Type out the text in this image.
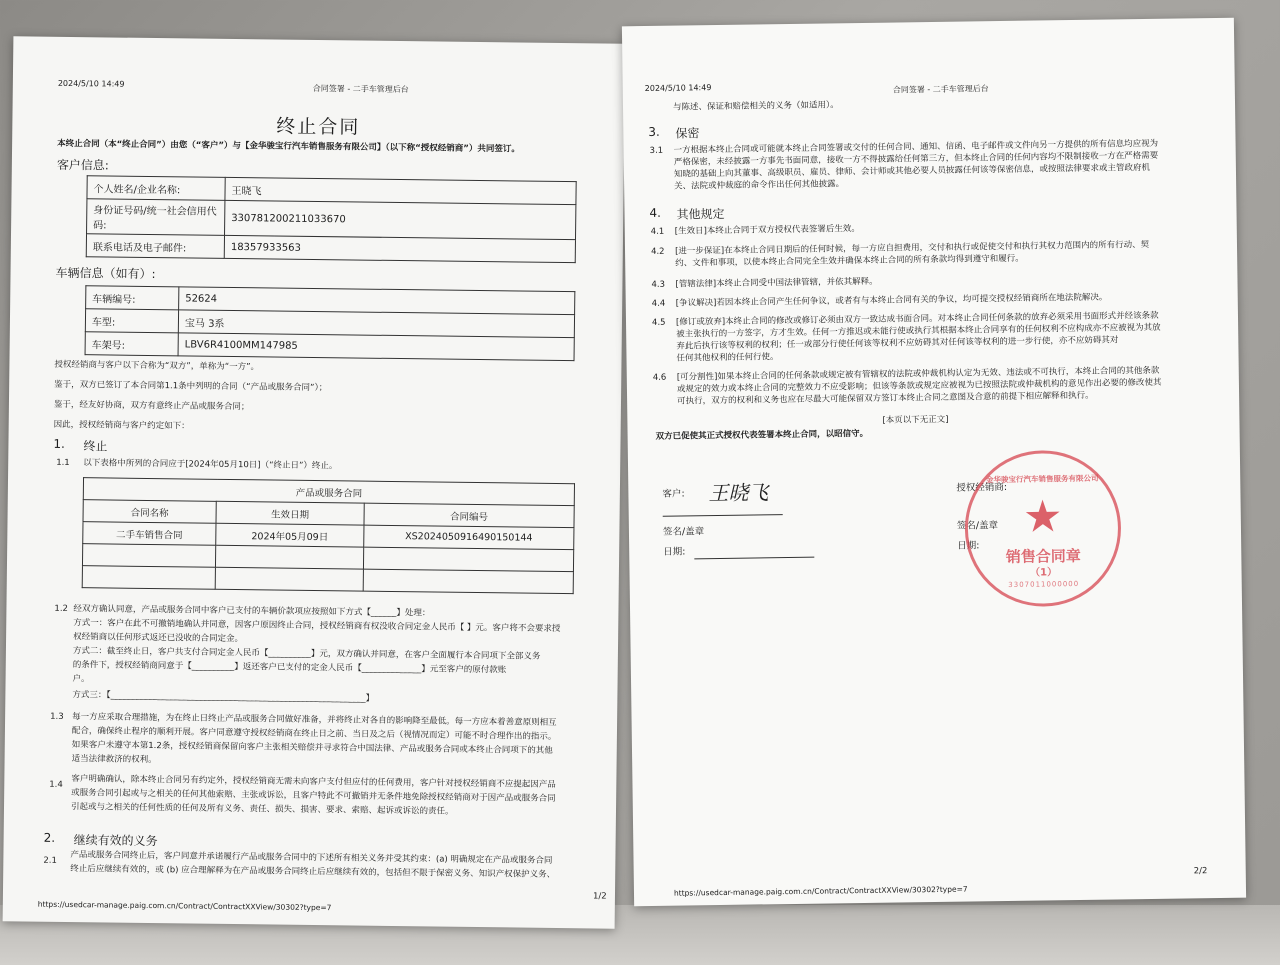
2024/5/10 14:49
合同签署 - 二手车管理后台
终止合同
本终止合同（本“终止合同”）由您（“客户”）与【金华骏宝行汽车销售服务有限公司】（以下称“授权经销商”）共同签订。
客户信息:
个人姓名/企业名称:	王晓飞
身份证号码/统一社会信用代码:	330781200211033670
联系电话及电子邮件:	18357933563
车辆信息（如有）:
车辆编号:	52624
车型:	宝马 3系
车架号:	LBV6R4100MM147985
授权经销商与客户以下合称为“双方”，单称为“一方”。
鉴于，双方已签订了本合同第1.1条中列明的合同（“产品或服务合同”）；
鉴于，经友好协商，双方有意终止产品或服务合同；
因此，授权经销商与客户约定如下：
1. 终止
1.1 以下表格中所列的合同应于[2024年05月10日]（“终止日”）终止。
产品或服务合同		
合同名称	生效日期	合同编号
二手车销售合同	2024年05月09日	XS2024050916490150144

1.2 经双方确认同意，产品或服务合同中客户已支付的车辆价款项应按照如下方式【______】处理：
方式一：客户在此不可撤销地确认并同意，因客户原因终止合同，授权经销商有权没收合同定金人民币【 】元。客户将不会要求授
权经销商以任何形式返还已没收的合同定金。
方式二：截至终止日，客户共支付合同定金人民币【__________】元，双方确认并同意，在客户全面履行本合同项下全部义务
的条件下，授权经销商同意于【__________】返还客户已支付的定金人民币【______________】元至客户的原付款账
户。
方式三：【____________________________________________________________】
1.3 每一方应采取合理措施，为在终止日终止产品或服务合同做好准备，并将终止对各自的影响降至最低。每一方应本着善意原则相互
配合，确保终止程序的顺利开展。客户同意遵守授权经销商在终止日之前、当日及之后（视情况而定）可能不时合理作出的指示。
如果客户未遵守本第1.2条，授权经销商保留向客户主张相关赔偿并寻求符合中国法律、产品或服务合同或本终止合同项下的其他
适当法律救济的权利。
1.4 客户明确确认，除本终止合同另有约定外，授权经销商无需未向客户支付但应付的任何费用，客户针对授权经销商不应提起因产品
或服务合同引起或与之相关的任何其他索赔、主张或诉讼，且客户特此不可撤销并无条件地免除授权经销商对于因产品或服务合同
引起或与之相关的任何性质的任何及所有义务、责任、损失、损害、要求、索赔、起诉或诉讼的责任。
2. 继续有效的义务
2.1 产品或服务合同终止后，客户同意并承诺履行产品或服务合同中的下述所有相关义务并受其约束：(a) 明确规定在产品或服务合同
终止后应继续有效的，或 (b) 应合理解释为在产品或服务合同终止后应继续有效的，包括但不限于保密义务、知识产权保护义务、
1/2
https://usedcar-manage.paig.com.cn/Contract/ContractXXView/30302?type=7
2024/5/10 14:49	合同签署 - 二手车管理后台
与陈述、保证和赔偿相关的义务（如适用）。
3. 保密
3.1 一方根据本终止合同或可能就本终止合同签署或交付的任何合同、通知、信函、电子邮件或文件向另一方提供的所有信息均应视为
严格保密，未经披露一方事先书面同意，接收一方不得披露给任何第三方，但本终止合同的任何内容均不限制接收一方在严格需要
知晓的基础上向其董事、高级职员、雇员、律师、会计师或其他必要人员披露任何该等保密信息，或按照法律要求或主管政府机
关、法院或仲裁庭的命令作出任何其他披露。
4. 其他规定
4.1 [生效日]本终止合同于双方授权代表签署后生效。
4.2 [进一步保证]在本终止合同日期后的任何时候，每一方应自担费用，交付和执行或促使交付和执行其权力范围内的所有行动、契
约、文件和事项，以使本终止合同完全生效并确保本终止合同的所有条款均得到遵守和履行。
4.3 [管辖法律]本终止合同受中国法律管辖，并依其解释。
4.4 [争议解决]若因本终止合同产生任何争议，或者有与本终止合同有关的争议，均可提交授权经销商所在地法院解决。
4.5 [修订或放弃]本终止合同的修改或修订必须由双方一致达成书面合同。对本终止合同任何条款的放弃必须采用书面形式并经该条款
被主张执行的一方签字，方才生效。任何一方推迟或未能行使或执行其根据本终止合同享有的任何权利不应构成亦不应被视为其放
弃此后执行该等权利的权利；任一或部分行使任何该等权利不应妨碍其对任何该等权利的进一步行使，亦不应妨碍其对
任何其他权利的任何行使。
4.6 [可分割性]如果本终止合同的任何条款或规定被有管辖权的法院或仲裁机构认定为无效、违法或不可执行，本终止合同的其他条款
或规定的效力或本终止合同的完整效力不应受影响；但该等条款或规定应被视为已按照法院或仲裁机构的意见作出必要的修改使其
可执行，双方的权利和义务也应在尽最大可能保留双方签订本终止合同之意图及合意的前提下相应解释和执行。
[本页以下无正文]
双方已促使其正式授权代表签署本终止合同，以昭信守。
客户: 王晓飞
签名/盖章
日期:
授权经销商:
签名/盖章
日期:
金华骏宝行汽车销售服务有限公司
★
销售合同章
（1）
3307011000000
2/2
https://usedcar-manage.paig.com.cn/Contract/ContractXXView/30302?type=7
